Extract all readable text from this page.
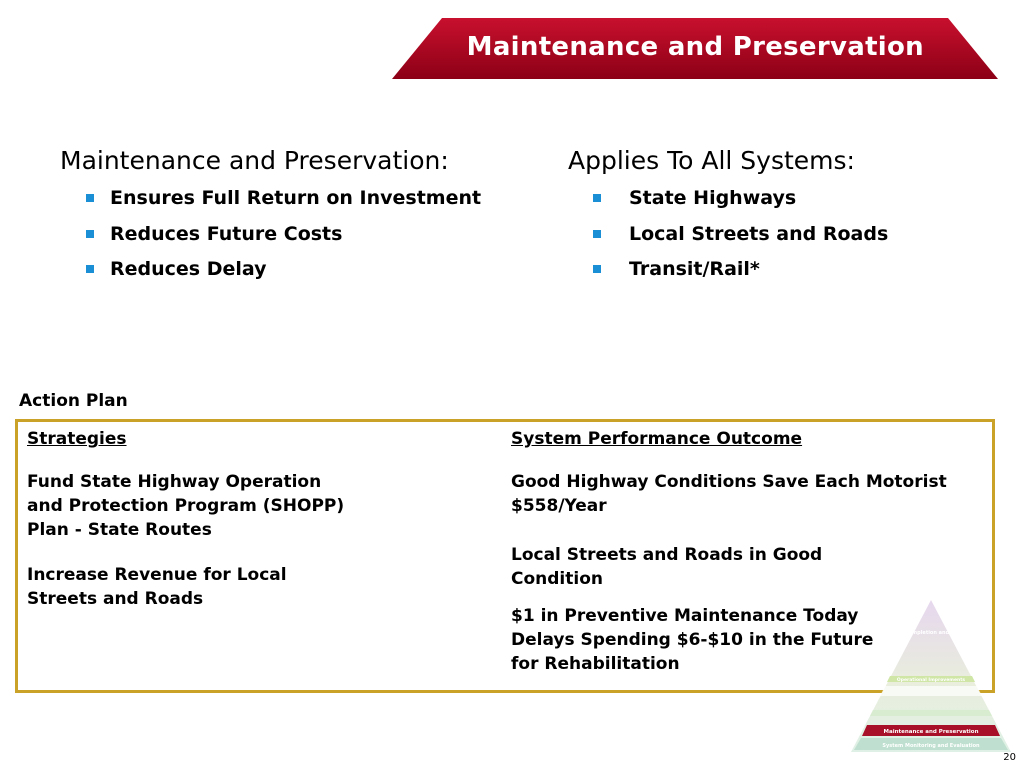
Maintenance and Preservation
Maintenance and Preservation:
Ensures Full Return on Investment
Reduces Future Costs
Reduces Delay
Applies To All Systems:
State Highways
Local Streets and Roads
Transit/Rail*
Action Plan
Strategies
Fund State Highway Operation
and Protection Program (SHOPP)
Plan - State Routes
Increase Revenue for Local
Streets and Roads
System Performance Outcome
Good Highway Conditions Save Each Motorist
$558/Year
Local Streets and Roads in Good
Condition
$1 in Preventive Maintenance Today
Delays Spending $6-$10 in the Future
for Rehabilitation
System Completion and Expansion
Operational Improvements
Maintenance and Preservation
System Monitoring and Evaluation
20
